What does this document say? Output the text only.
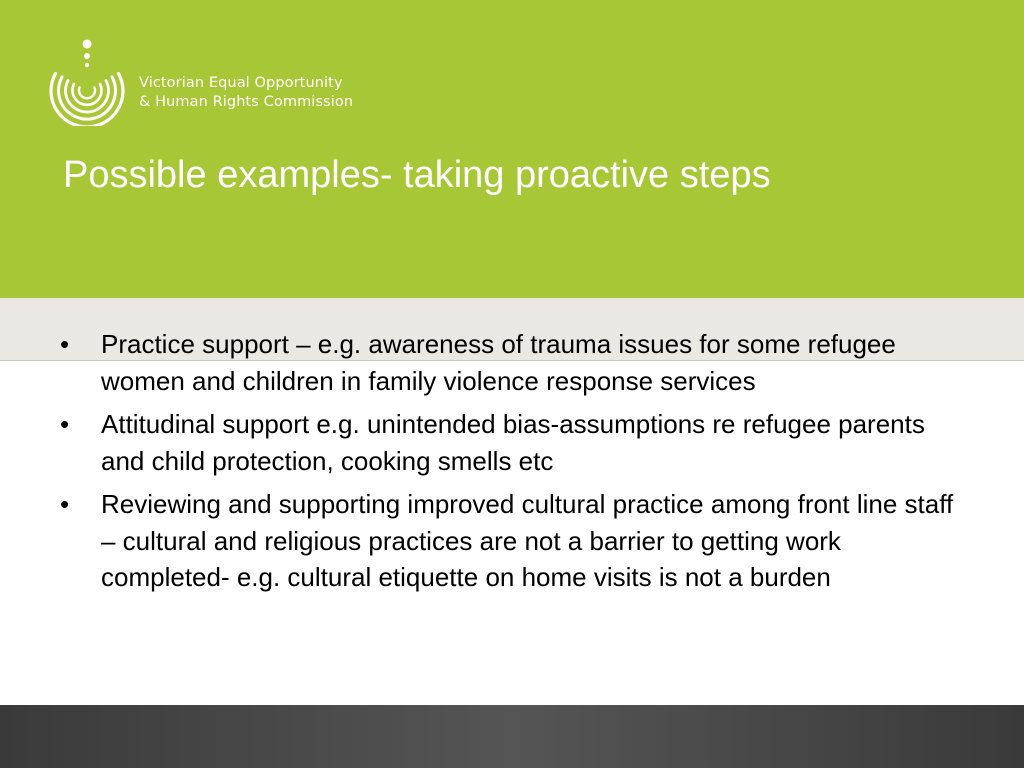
Victorian Equal Opportunity
& Human Rights Commission
Possible examples- taking proactive steps
• Practice support – e.g. awareness of trauma issues for some refugee women and children in family violence response services
• Attitudinal support e.g. unintended bias-assumptions re refugee parents and child protection, cooking smells etc
• Reviewing and supporting improved cultural practice among front line staff – cultural and religious practices are not a barrier to getting work completed- e.g. cultural etiquette on home visits is not a burden
